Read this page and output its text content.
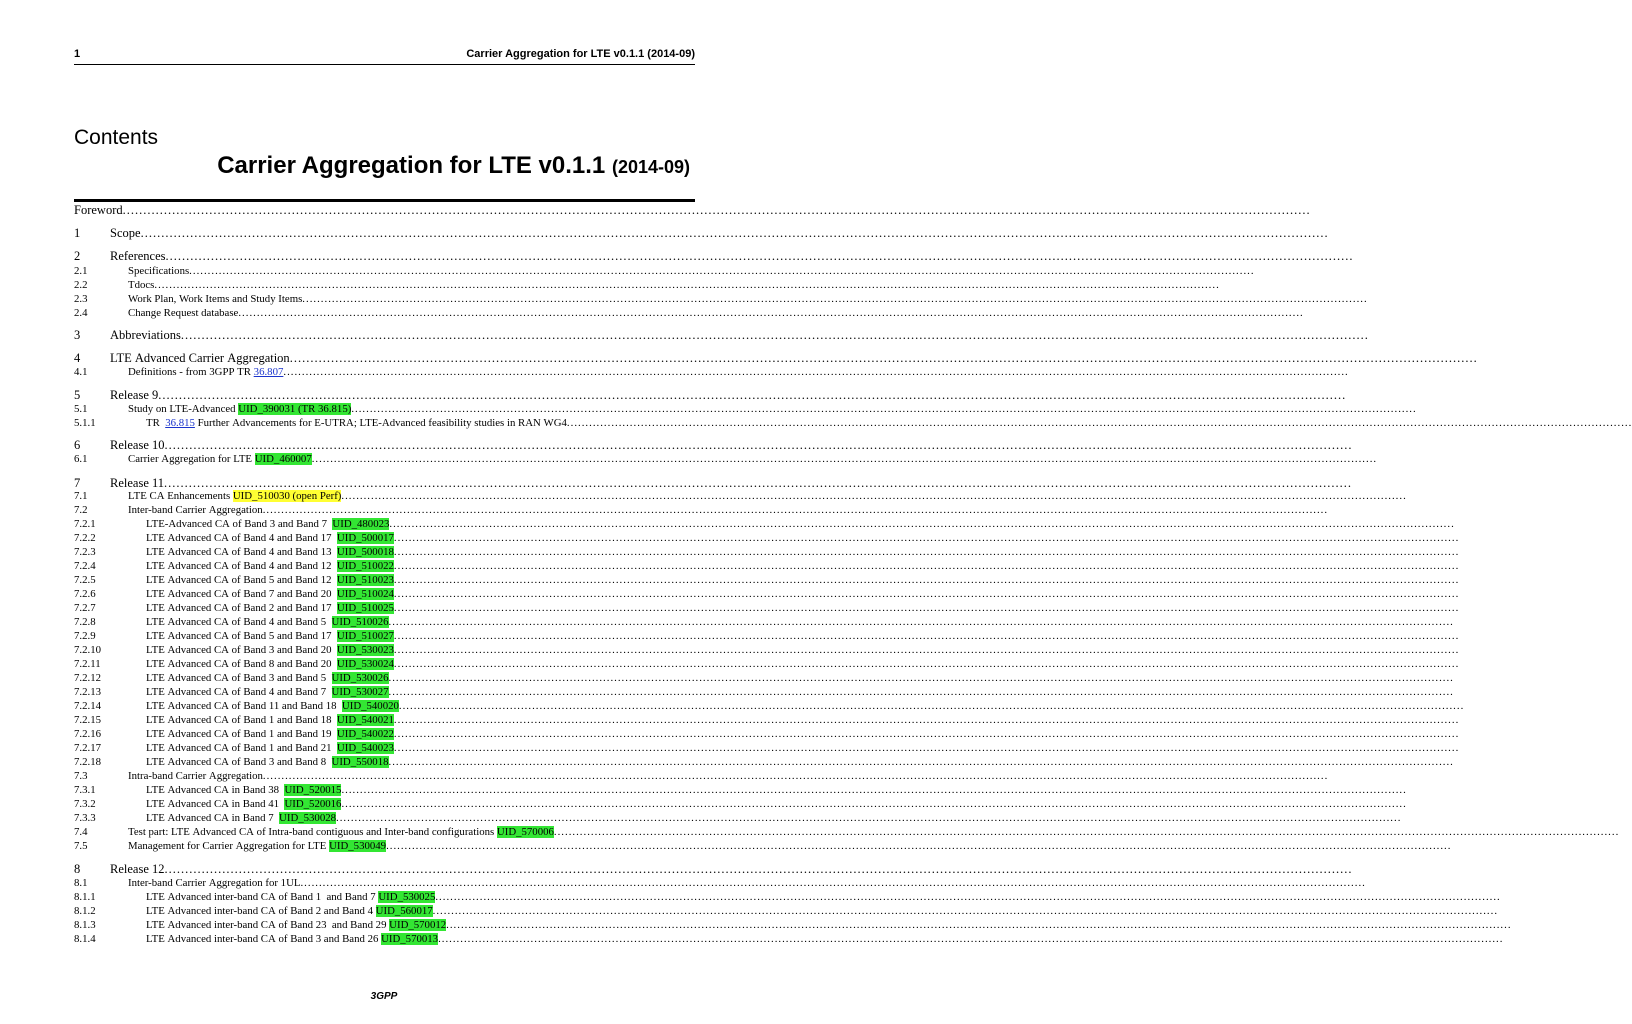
1	Carrier Aggregation for LTE v0.1.1 (2014-09)
Contents
Carrier Aggregation for LTE v0.1.1 (2014-09)
Foreword
.....
1	Scope
.....
2	References
.....
2.1	Specifications
.....
2.2	Tdocs
.....
2.3	Work Plan, Work Items and Study Items
.....
2.4	Change Request database
.....
3	Abbreviations
.....
4	LTE Advanced Carrier Aggregation
.....
4.1	Definitions - from 3GPP TR 36.807
.....
5	Release 9
.....
5.1	Study on LTE-Advanced UID_390031 (TR 36.815)
.....
5.1.1	TR  36.815 Further Advancements for E-UTRA; LTE-Advanced feasibility studies in RAN WG4
.....
6	Release 10
.....
6.1	Carrier Aggregation for LTE UID_460007
.....
7	Release 11
.....
7.1	LTE CA Enhancements UID_510030 (open Perf)
.....
7.2	Inter-band Carrier Aggregation
.....
7.2.1	LTE-Advanced CA of Band 3 and Band 7  UID_480023
.....
7.2.2	LTE Advanced CA of Band 4 and Band 17  UID_500017
.....
7.2.3	LTE Advanced CA of Band 4 and Band 13  UID_500018
.....
7.2.4	LTE Advanced CA of Band 4 and Band 12  UID_510022
.....
7.2.5	LTE Advanced CA of Band 5 and Band 12  UID_510023
.....
7.2.6	LTE Advanced CA of Band 7 and Band 20  UID_510024
.....
7.2.7	LTE Advanced CA of Band 2 and Band 17  UID_510025
.....
7.2.8	LTE Advanced CA of Band 4 and Band 5  UID_510026
.....
7.2.9	LTE Advanced CA of Band 5 and Band 17  UID_510027
.....
7.2.10	LTE Advanced CA of Band 3 and Band 20  UID_530023
.....
7.2.11	LTE Advanced CA of Band 8 and Band 20  UID_530024
.....
7.2.12	LTE Advanced CA of Band 3 and Band 5  UID_530026
.....
7.2.13	LTE Advanced CA of Band 4 and Band 7  UID_530027
.....
7.2.14	LTE Advanced CA of Band 11 and Band 18  UID_540020
.....
7.2.15	LTE Advanced CA of Band 1 and Band 18  UID_540021
.....
7.2.16	LTE Advanced CA of Band 1 and Band 19  UID_540022
.....
7.2.17	LTE Advanced CA of Band 1 and Band 21  UID_540023
.....
7.2.18	LTE Advanced CA of Band 3 and Band 8  UID_550018
.....
7.3	Intra-band Carrier Aggregation
.....
7.3.1	LTE Advanced CA in Band 38  UID_520015
.....
7.3.2	LTE Advanced CA in Band 41  UID_520016
.....
7.3.3	LTE Advanced CA in Band 7  UID_530028
.....
7.4	Test part: LTE Advanced CA of Intra-band contiguous and Inter-band configurations UID_570006
.....
7.5	Management for Carrier Aggregation for LTE UID_530049
.....
8	Release 12
.....
8.1	Inter-band Carrier Aggregation for 1UL
.....
8.1.1	LTE Advanced inter-band CA of Band 1  and Band 7 UID_530025
.....
8.1.2	LTE Advanced inter-band CA of Band 2 and Band 4 UID_560017
.....
8.1.3	LTE Advanced inter-band CA of Band 23  and Band 29 UID_570012
.....
8.1.4	LTE Advanced inter-band CA of Band 3 and Band 26 UID_570013
.....
3GPP
